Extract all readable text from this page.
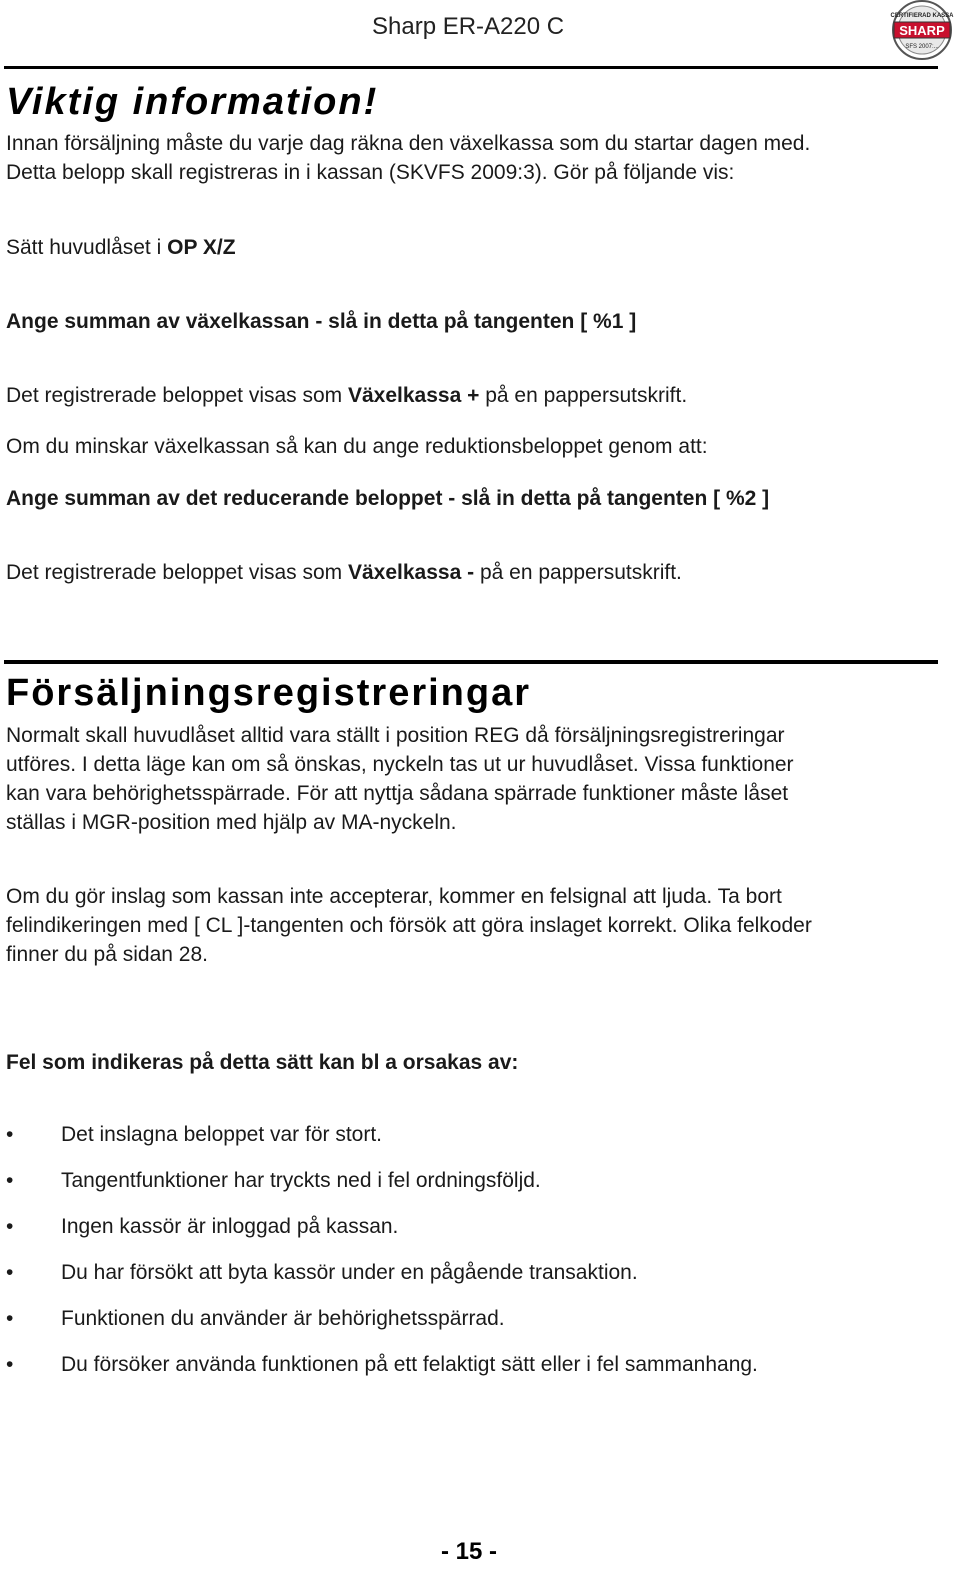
Sharp ER-A220 C	SHARP
CERTIFIERAD KASSA
SFS 2007:...
Viktig information!
Innan försäljning måste du varje dag räkna den växelkassa som du startar dagen med.
Detta belopp skall registreras in i kassan (SKVFS 2009:3). Gör på följande vis:
Sätt huvudlåset i OP X/Z
Ange summan av växelkassan - slå in detta på tangenten [ %1 ]
Det registrerade beloppet visas som Växelkassa + på en pappersutskrift.
Om du minskar växelkassan så kan du ange reduktionsbeloppet genom att:
Ange summan av det reducerande beloppet - slå in detta på tangenten [ %2 ]
Det registrerade beloppet visas som Växelkassa - på en pappersutskrift.
Försäljningsregistreringar
Normalt skall huvudlåset alltid vara ställt i position REG då försäljningsregistreringar
utföres. I detta läge kan om så önskas, nyckeln tas ut ur huvudlåset. Vissa funktioner
kan vara behörighetsspärrade. För att nyttja sådana spärrade funktioner måste låset
ställas i MGR-position med hjälp av MA-nyckeln.
Om du gör inslag som kassan inte accepterar, kommer en felsignal att ljuda. Ta bort
felindikeringen med [ CL ]-tangenten och försök att göra inslaget korrekt. Olika felkoder
finner du på sidan 28.
Fel som indikeras på detta sätt kan bl a orsakas av:
•	Det inslagna beloppet var för stort.
•	Tangentfunktioner har tryckts ned i fel ordningsföljd.
•	Ingen kassör är inloggad på kassan.
•	Du har försökt att byta kassör under en pågående transaktion.
•	Funktionen du använder är behörighetsspärrad.
•	Du försöker använda funktionen på ett felaktigt sätt eller i fel sammanhang.
- 15 -
